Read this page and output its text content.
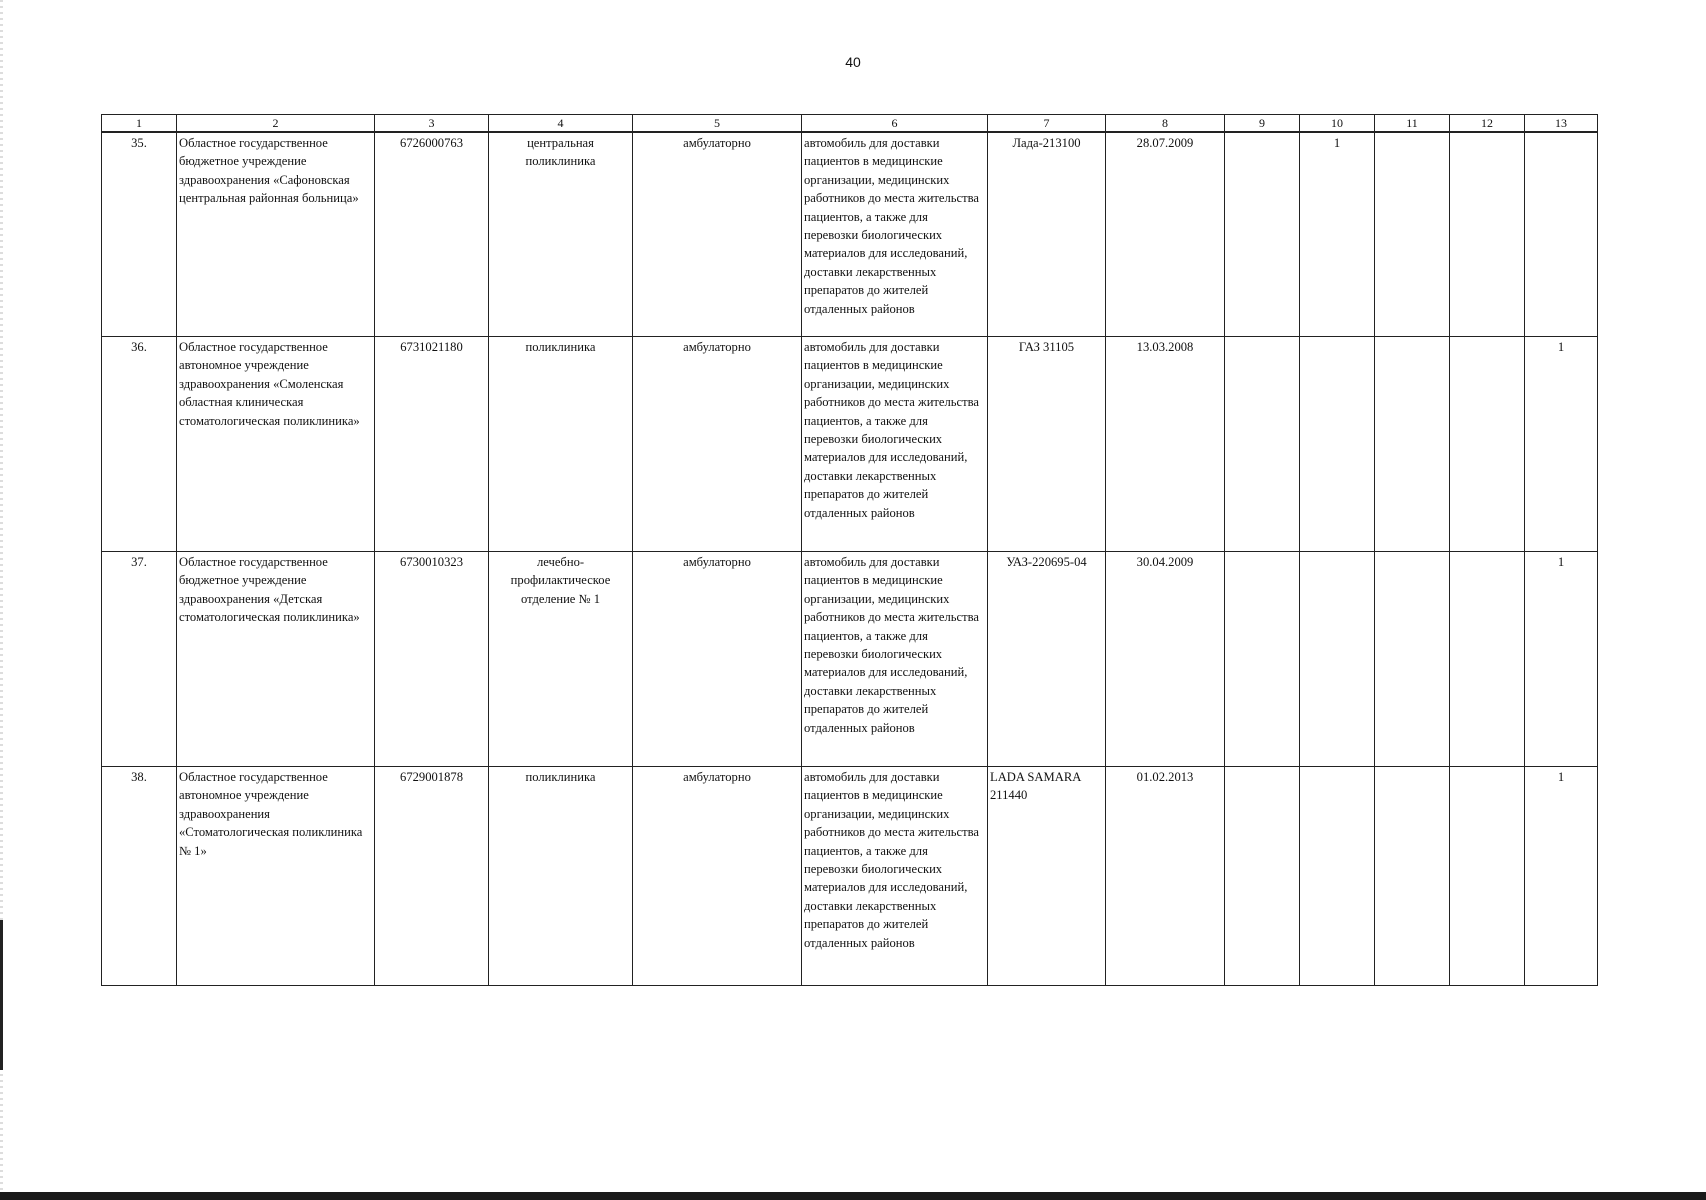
40
1	2	3	4	5	6	7	8	9	10	11	12	13
35.	Областное государственное бюджетное учреждение здравоохранения «Сафоновская центральная районная больница»	6726000763	центральная поликлиника	амбулаторно	автомобиль для доставки пациентов в медицинские организации, медицинских работников до места жительства пациентов, а также для перевозки биологических материалов для исследований, доставки лекарственных препаратов до жителей отдаленных районов	Лада-213100	28.07.2009		1			
36.	Областное государственное автономное учреждение здравоохранения «Смоленская областная клиническая стоматологическая поликлиника»	6731021180	поликлиника	амбулаторно	автомобиль для доставки пациентов в медицинские организации, медицинских работников до места жительства пациентов, а также для перевозки биологических материалов для исследований, доставки лекарственных препаратов до жителей отдаленных районов	ГАЗ 31105	13.03.2008					1
37.	Областное государственное бюджетное учреждение здравоохранения «Детская стоматологическая поликлиника»	6730010323	лечебно-профилактическое отделение № 1	амбулаторно	автомобиль для доставки пациентов в медицинские организации, медицинских работников до места жительства пациентов, а также для перевозки биологических материалов для исследований, доставки лекарственных препаратов до жителей отдаленных районов	УАЗ-220695-04	30.04.2009					1
38.	Областное государственное автономное учреждение здравоохранения «Стоматологическая поликлиника № 1»	6729001878	поликлиника	амбулаторно	автомобиль для доставки пациентов в медицинские организации, медицинских работников до места жительства пациентов, а также для перевозки биологических материалов для исследований, доставки лекарственных препаратов до жителей отдаленных районов	LADA SAMARA 211440	01.02.2013					1
